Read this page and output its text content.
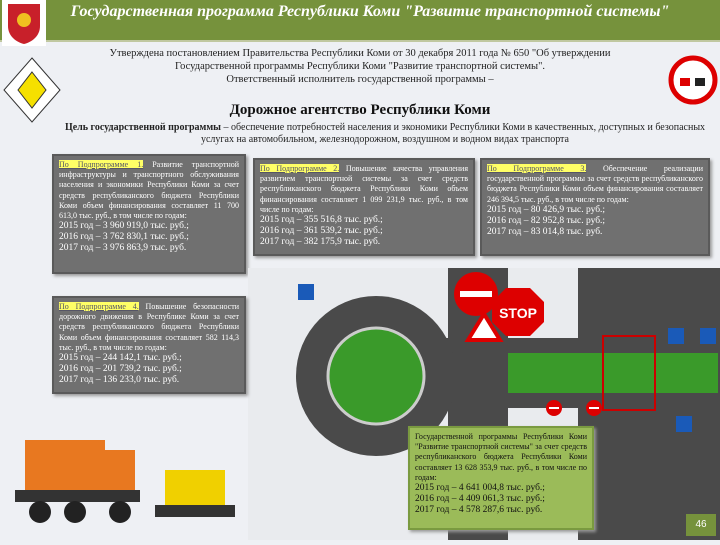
Государственная программа Республики Коми "Развитие транспортной системы"
Утверждена постановлением Правительства Республики Коми от 30 декабря 2011 года № 650 "Об утверждении Государственной программы Республики Коми "Развитие транспортной системы".
Ответственный исполнитель государственной программы –
Дорожное агентство Республики Коми
Цель государственной программы – обеспечение потребностей населения и экономики Республики Коми в качественных, доступных и безопасных услугах на автомобильном, железнодорожном, воздушном и водном видах транспорта
По Подпрограмме 1. Развитие транспортной инфраструктуры и транспортного обслуживания населения и экономики Республики Коми за счет средств республиканского бюджета Республики Коми объем финансирования составляет 11 700 613,0 тыс. руб., в том числе по годам:
2015 год – 3 960 919,0 тыс. руб.;
2016 год – 3 762 830,1 тыс. руб.;
2017 год – 3 976 863,9 тыс. руб.
По Подпрограмме 2. Повышение качества управления развитием транспортной системы за счет средств республиканского бюджета Республики Коми объем финансирования составляет 1 099 231,9 тыс. руб., в том числе по годам:
2015 год – 355 516,8 тыс. руб.;
2016 год – 361 539,2 тыс. руб.;
2017 год – 382 175,9 тыс. руб.
По Подпрограмме 3. Обеспечение реализации государственной программы за счет средств республиканского бюджета Республики Коми объем финансирования составляет 246 394,5 тыс. руб., в том числе по годам:
2015 год – 80 426,9 тыс. руб.;
2016 год – 82 952,8 тыс. руб.;
2017 год – 83 014,8 тыс. руб.
STOP
По Подпрограмме 4. Повышение безопасности дорожного движения в Республике Коми за счет средств республиканского бюджета Республики Коми объем финансирования составляет 582 114,3 тыс. руб., в том числе по годам:
2015 год – 244 142,1 тыс. руб.;
2016 год – 201 739,2 тыс. руб.;
2017 год – 136 233,0 тыс. руб.
Государственной программы Республики Коми "Развитие транспортной системы" за счет средств республиканского бюджета Республики Коми составляет 13 628 353,9 тыс. руб., в том числе по годам:
2015 год – 4 641 004,8 тыс. руб.;
2016 год – 4 409 061,3 тыс. руб.;
2017 год – 4 578 287,6 тыс. руб.
46
